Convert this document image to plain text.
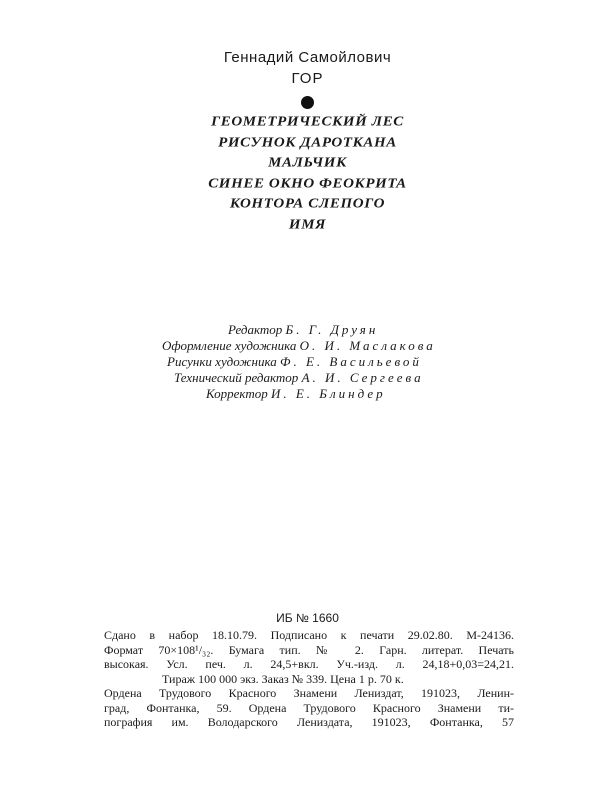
Геннадий Самойлович
ГОР
ГЕОМЕТРИЧЕСКИЙ ЛЕС
РИСУНОК ДАРОТКАНА
МАЛЬЧИК
СИНЕЕ ОКНО ФЕОКРИТА
КОНТОРА СЛЕПОГО
ИМЯ
Редактор Б. Г. Друян
Оформление художника О. И. Маслакова
Рисунки художника Ф. Е. Васильевой
Технический редактор А. И. Сергеева
Корректор И. Е. Блиндер
ИБ № 1660
Сдано в набор 18.10.79. Подписано к печати 29.02.80. М-24136.
Формат 70×108¹/₃₂. Бумага тип. № 2. Гарн. литерат. Печать
высокая. Усл. печ. л. 24,5+вкл. Уч.-изд. л. 24,18+0,03=24,21.
Тираж 100 000 экз. Заказ № 339. Цена 1 р. 70 к.
Ордена Трудового Красного Знамени Лениздат, 191023, Ленин-
град, Фонтанка, 59. Ордена Трудового Красного Знамени ти-
пография им. Володарского Лениздата, 191023, Фонтанка, 57
